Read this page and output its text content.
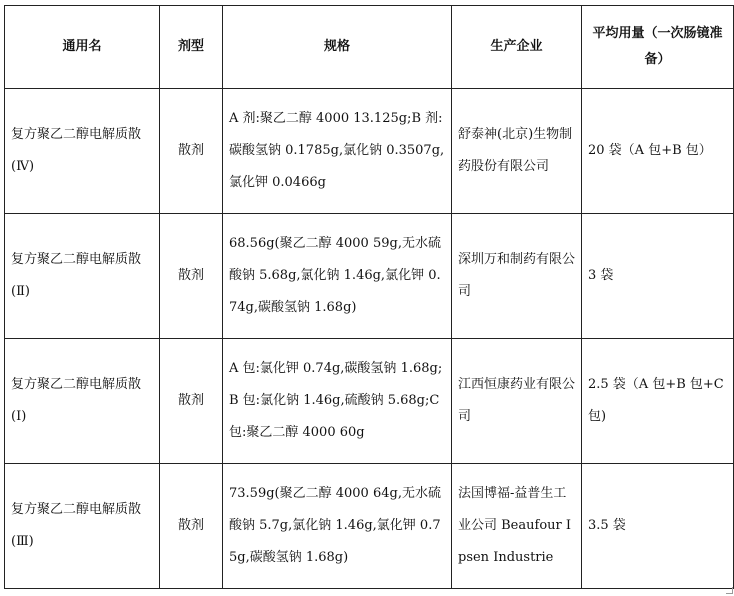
通用名	剂型	规格	生产企业	平均用量（一次肠镜准备）
复方聚乙二醇电解质散(Ⅳ)	散剂	A 剂:聚乙二醇 4000 13.125g;B 剂:碳酸氢钠 0.1785g,氯化钠 0.3507g,氯化钾 0.0466g	舒泰神(北京)生物制药股份有限公司	20 袋（A 包+B 包）
复方聚乙二醇电解质散(Ⅱ)	散剂	68.56g(聚乙二醇 4000 59g,无水硫酸钠 5.68g,氯化钠 1.46g,氯化钾 0.74g,碳酸氢钠 1.68g)	深圳万和制药有限公司	3 袋
复方聚乙二醇电解质散(Ⅰ)	散剂	A 包:氯化钾 0.74g,碳酸氢钠 1.68g;B 包:氯化钠 1.46g,硫酸钠 5.68g;C 包:聚乙二醇 4000 60g	江西恒康药业有限公司	2.5 袋（A 包+B 包+C 包)
复方聚乙二醇电解质散(Ⅲ)	散剂	73.59g(聚乙二醇 4000 64g,无水硫酸钠 5.7g,氯化钠 1.46g,氯化钾 0.75g,碳酸氢钠 1.68g)	法国博福-益普生工业公司 Beaufour Ipsen Industrie	3.5 袋
